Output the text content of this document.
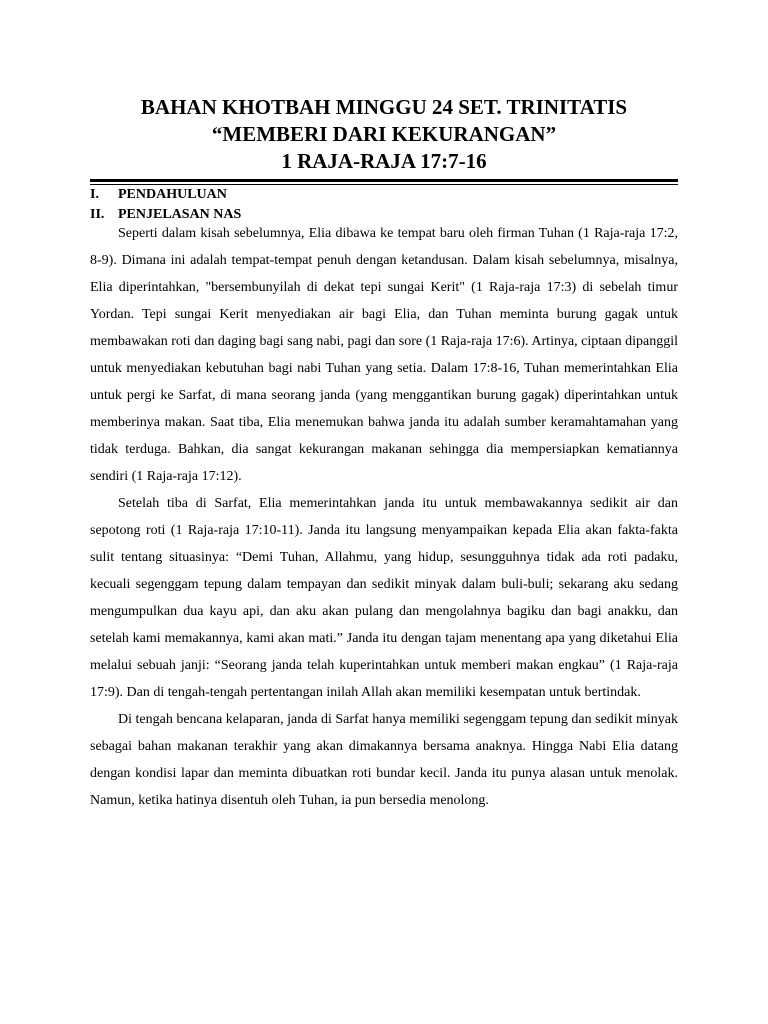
BAHAN KHOTBAH MINGGU 24 SET. TRINITATIS
“MEMBERI DARI KEKURANGAN”
1 RAJA-RAJA 17:7-16
I. PENDAHULUAN
II. PENJELASAN NAS

Seperti dalam kisah sebelumnya, Elia dibawa ke tempat baru oleh firman Tuhan (1 Raja-raja 17:2, 8-9). Dimana ini adalah tempat-tempat penuh dengan ketandusan. Dalam kisah sebelumnya, misalnya, Elia diperintahkan, "bersembunyilah di dekat tepi sungai Kerit" (1 Raja-raja 17:3) di sebelah timur Yordan. Tepi sungai Kerit menyediakan air bagi Elia, dan Tuhan meminta burung gagak untuk membawakan roti dan daging bagi sang nabi, pagi dan sore (1 Raja-raja 17:6). Artinya, ciptaan dipanggil untuk menyediakan kebutuhan bagi nabi Tuhan yang setia. Dalam 17:8-16, Tuhan memerintahkan Elia untuk pergi ke Sarfat, di mana seorang janda (yang menggantikan burung gagak) diperintahkan untuk memberinya makan. Saat tiba, Elia menemukan bahwa janda itu adalah sumber keramahtamahan yang tidak terduga. Bahkan, dia sangat kekurangan makanan sehingga dia mempersiapkan kematiannya sendiri (1 Raja-raja 17:12).

Setelah tiba di Sarfat, Elia memerintahkan janda itu untuk membawakannya sedikit air dan sepotong roti (1 Raja-raja 17:10-11). Janda itu langsung menyampaikan kepada Elia akan fakta-fakta sulit tentang situasinya: “Demi Tuhan, Allahmu, yang hidup, sesungguhnya tidak ada roti padaku, kecuali segenggam tepung dalam tempayan dan sedikit minyak dalam buli-buli; sekarang aku sedang mengumpulkan dua kayu api, dan aku akan pulang dan mengolahnya bagiku dan bagi anakku, dan setelah kami memakannya, kami akan mati.” Janda itu dengan tajam menentang apa yang diketahui Elia melalui sebuah janji: “Seorang janda telah kuperintahkan untuk memberi makan engkau” (1 Raja-raja 17:9). Dan di tengah-tengah pertentangan inilah Allah akan memiliki kesempatan untuk bertindak.

Di tengah bencana kelaparan, janda di Sarfat hanya memiliki segenggam tepung dan sedikit minyak sebagai bahan makanan terakhir yang akan dimakannya bersama anaknya. Hingga Nabi Elia datang dengan kondisi lapar dan meminta dibuatkan roti bundar kecil. Janda itu punya alasan untuk menolak. Namun, ketika hatinya disentuh oleh Tuhan, ia pun bersedia menolong.
